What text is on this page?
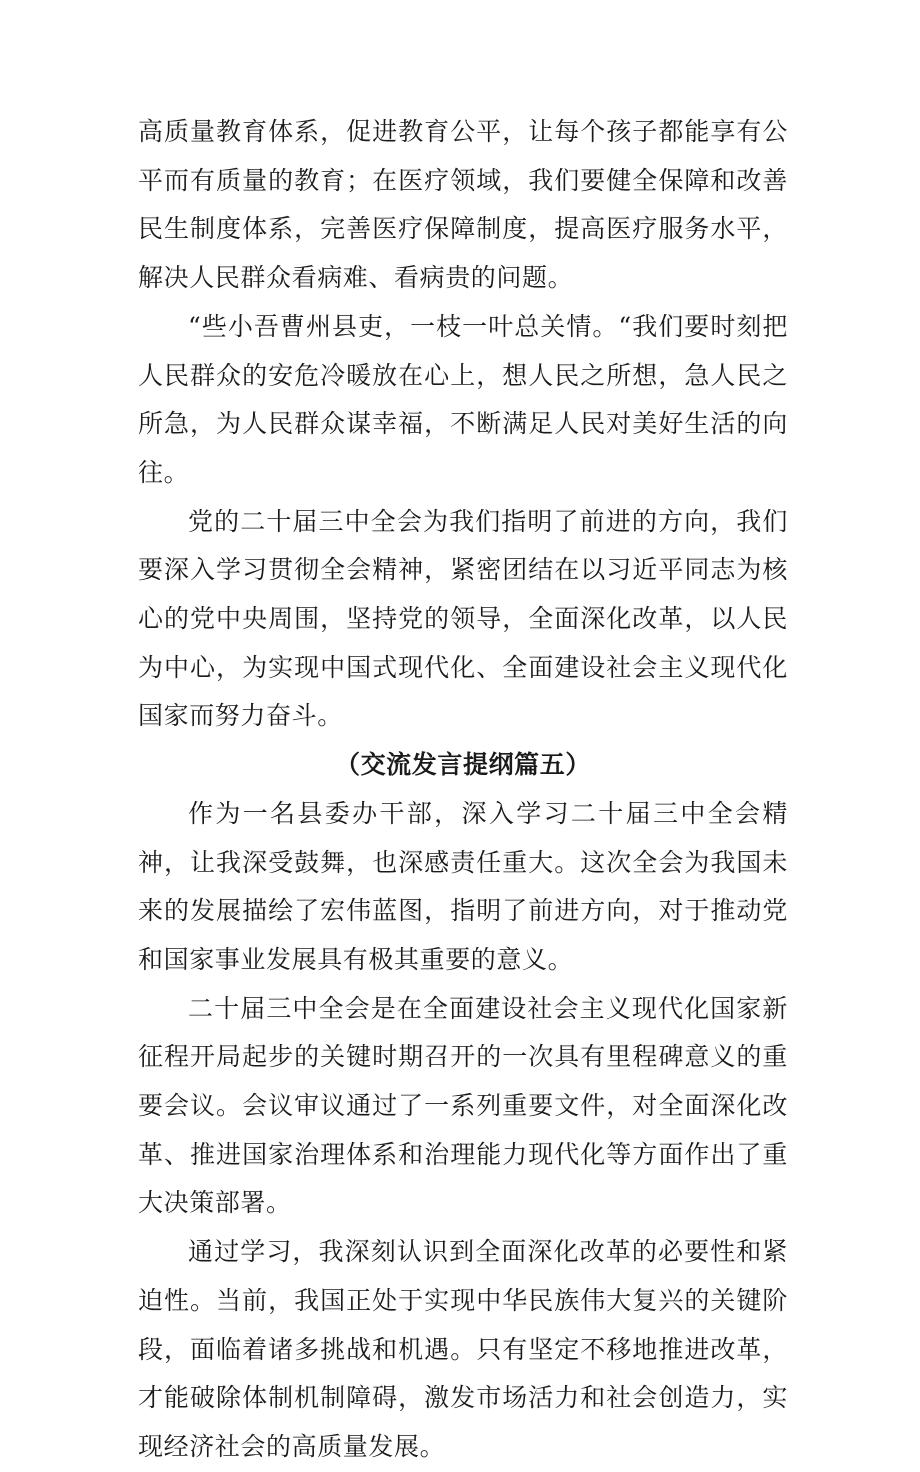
高质量教育体系，促进教育公平，让每个孩子都能享有公平而有质量的教育；在医疗领域，我们要健全保障和改善民生制度体系，完善医疗保障制度，提高医疗服务水平，解决人民群众看病难、看病贵的问题。

“些小吾曹州县吏，一枝一叶总关情。“我们要时刻把人民群众的安危冷暖放在心上，想人民之所想，急人民之所急，为人民群众谋幸福，不断满足人民对美好生活的向往。

党的二十届三中全会为我们指明了前进的方向，我们要深入学习贯彻全会精神，紧密团结在以习近平同志为核心的党中央周围，坚持党的领导，全面深化改革，以人民为中心，为实现中国式现代化、全面建设社会主义现代化国家而努力奋斗。

（交流发言提纲篇五）

作为一名县委办干部，深入学习二十届三中全会精神，让我深受鼓舞，也深感责任重大。这次全会为我国未来的发展描绘了宏伟蓝图，指明了前进方向，对于推动党和国家事业发展具有极其重要的意义。

二十届三中全会是在全面建设社会主义现代化国家新征程开局起步的关键时期召开的一次具有里程碑意义的重要会议。会议审议通过了一系列重要文件，对全面深化改革、推进国家治理体系和治理能力现代化等方面作出了重大决策部署。

通过学习，我深刻认识到全面深化改革的必要性和紧迫性。当前，我国正处于实现中华民族伟大复兴的关键阶段，面临着诸多挑战和机遇。只有坚定不移地推进改革，才能破除体制机制障碍，激发市场活力和社会创造力，实现经济社会的高质量发展。
